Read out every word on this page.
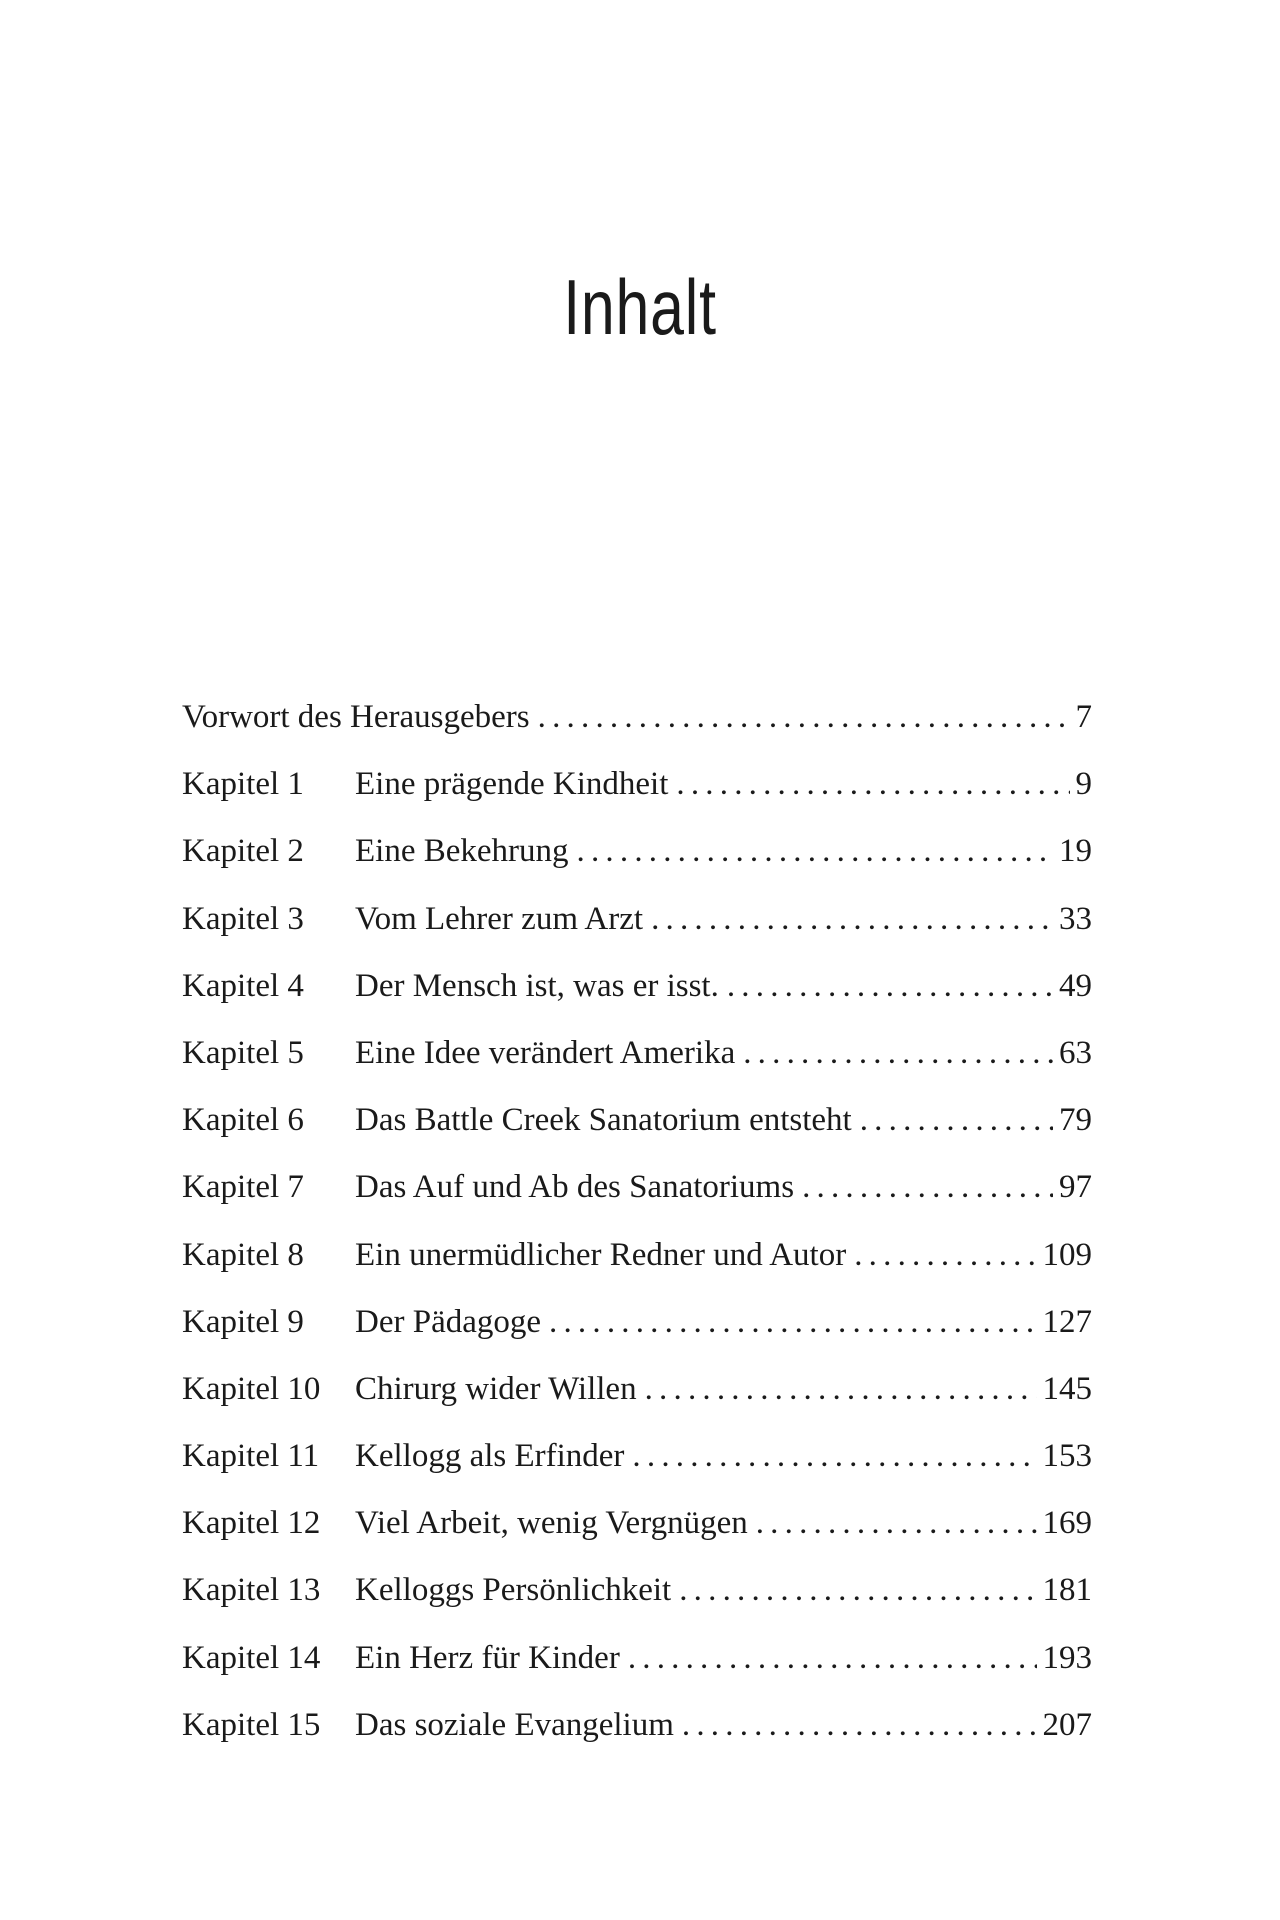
Inhalt
Vorwort des Herausgebers .....	7
Kapitel 1	Eine prägende Kindheit .....	9
Kapitel 2	Eine Bekehrung .....	19
Kapitel 3	Vom Lehrer zum Arzt .....	33
Kapitel 4	Der Mensch ist, was er isst. .....	49
Kapitel 5	Eine Idee verändert Amerika .....	63
Kapitel 6	Das Battle Creek Sanatorium entsteht .....	79
Kapitel 7	Das Auf und Ab des Sanatoriums .....	97
Kapitel 8	Ein unermüdlicher Redner und Autor .....	109
Kapitel 9	Der Pädagoge .....	127
Kapitel 10	Chirurg wider Willen .....	145
Kapitel 11	Kellogg als Erfinder .....	153
Kapitel 12	Viel Arbeit, wenig Vergnügen .....	169
Kapitel 13	Kelloggs Persönlichkeit .....	181
Kapitel 14	Ein Herz für Kinder .....	193
Kapitel 15	Das soziale Evangelium .....	207
